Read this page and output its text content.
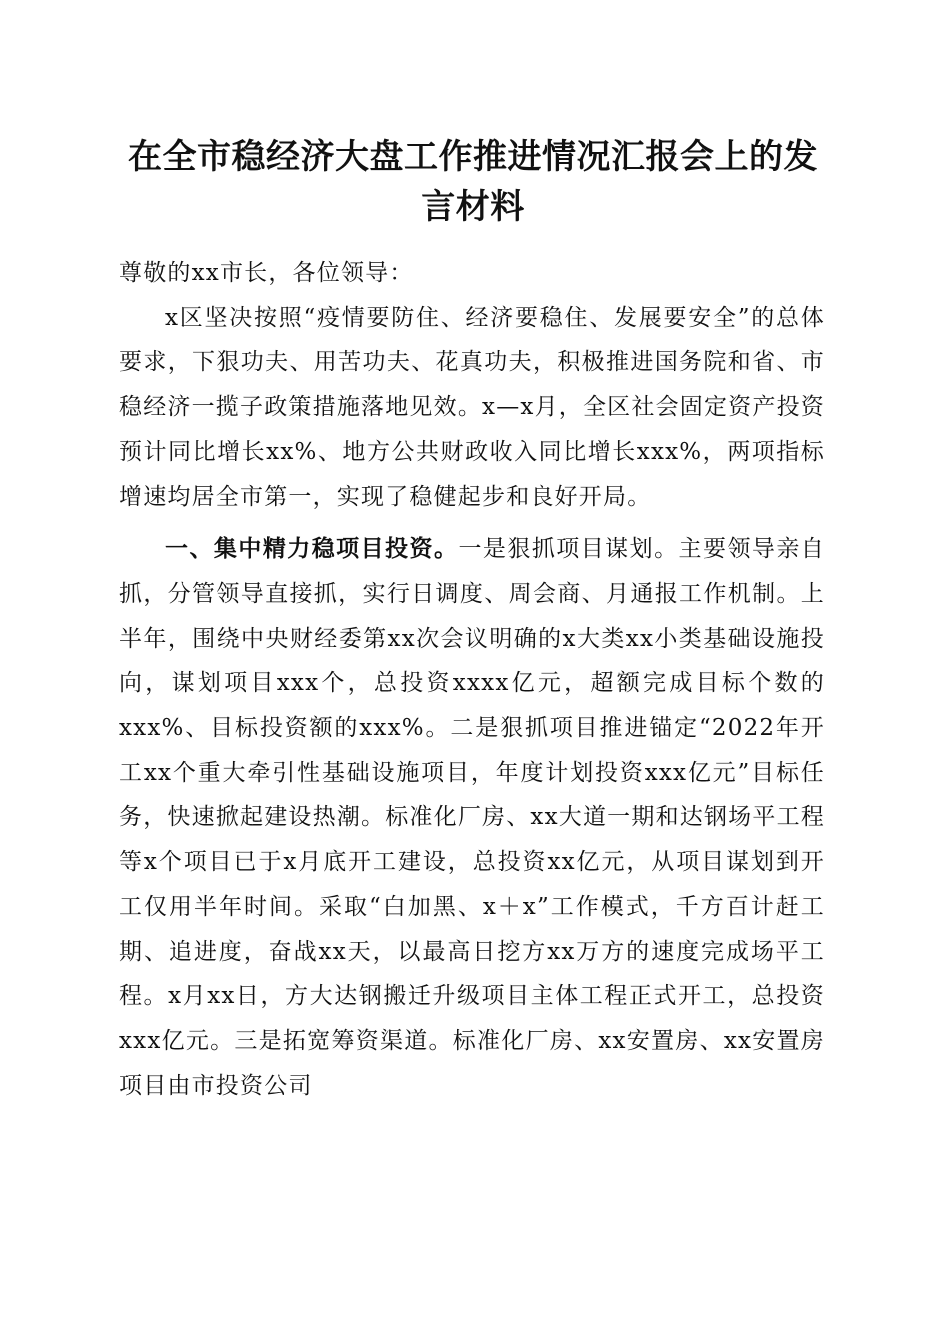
在全市稳经济大盘工作推进情况汇报会上的发言材料

尊敬的xx市长，各位领导：

x区坚决按照“疫情要防住、经济要稳住、发展要安全”的总体要求，下狠功夫、用苦功夫、花真功夫，积极推进国务院和省、市稳经济一揽子政策措施落地见效。x—x月，全区社会固定资产投资预计同比增长xx%、地方公共财政收入同比增长xxx%，两项指标增速均居全市第一，实现了稳健起步和良好开局。

一、集中精力稳项目投资。一是狠抓项目谋划。主要领导亲自抓，分管领导直接抓，实行日调度、周会商、月通报工作机制。上半年，围绕中央财经委第xx次会议明确的x大类xx小类基础设施投向，谋划项目xxx个，总投资xxxx亿元，超额完成目标个数的xxx%、目标投资额的xxx%。二是狠抓项目推进锚定“2022年开工xx个重大牵引性基础设施项目，年度计划投资xxx亿元”目标任务，快速掀起建设热潮。标准化厂房、xx大道一期和达钢场平工程等x个项目已于x月底开工建设，总投资xx亿元，从项目谋划到开工仅用半年时间。采取“白加黑、x＋x”工作模式，千方百计赶工期、追进度，奋战xx天，以最高日挖方xx万方的速度完成场平工程。x月xx日，方大达钢搬迁升级项目主体工程正式开工，总投资xxx亿元。三是拓宽筹资渠道。标准化厂房、xx安置房、xx安置房项目由市投资公司
